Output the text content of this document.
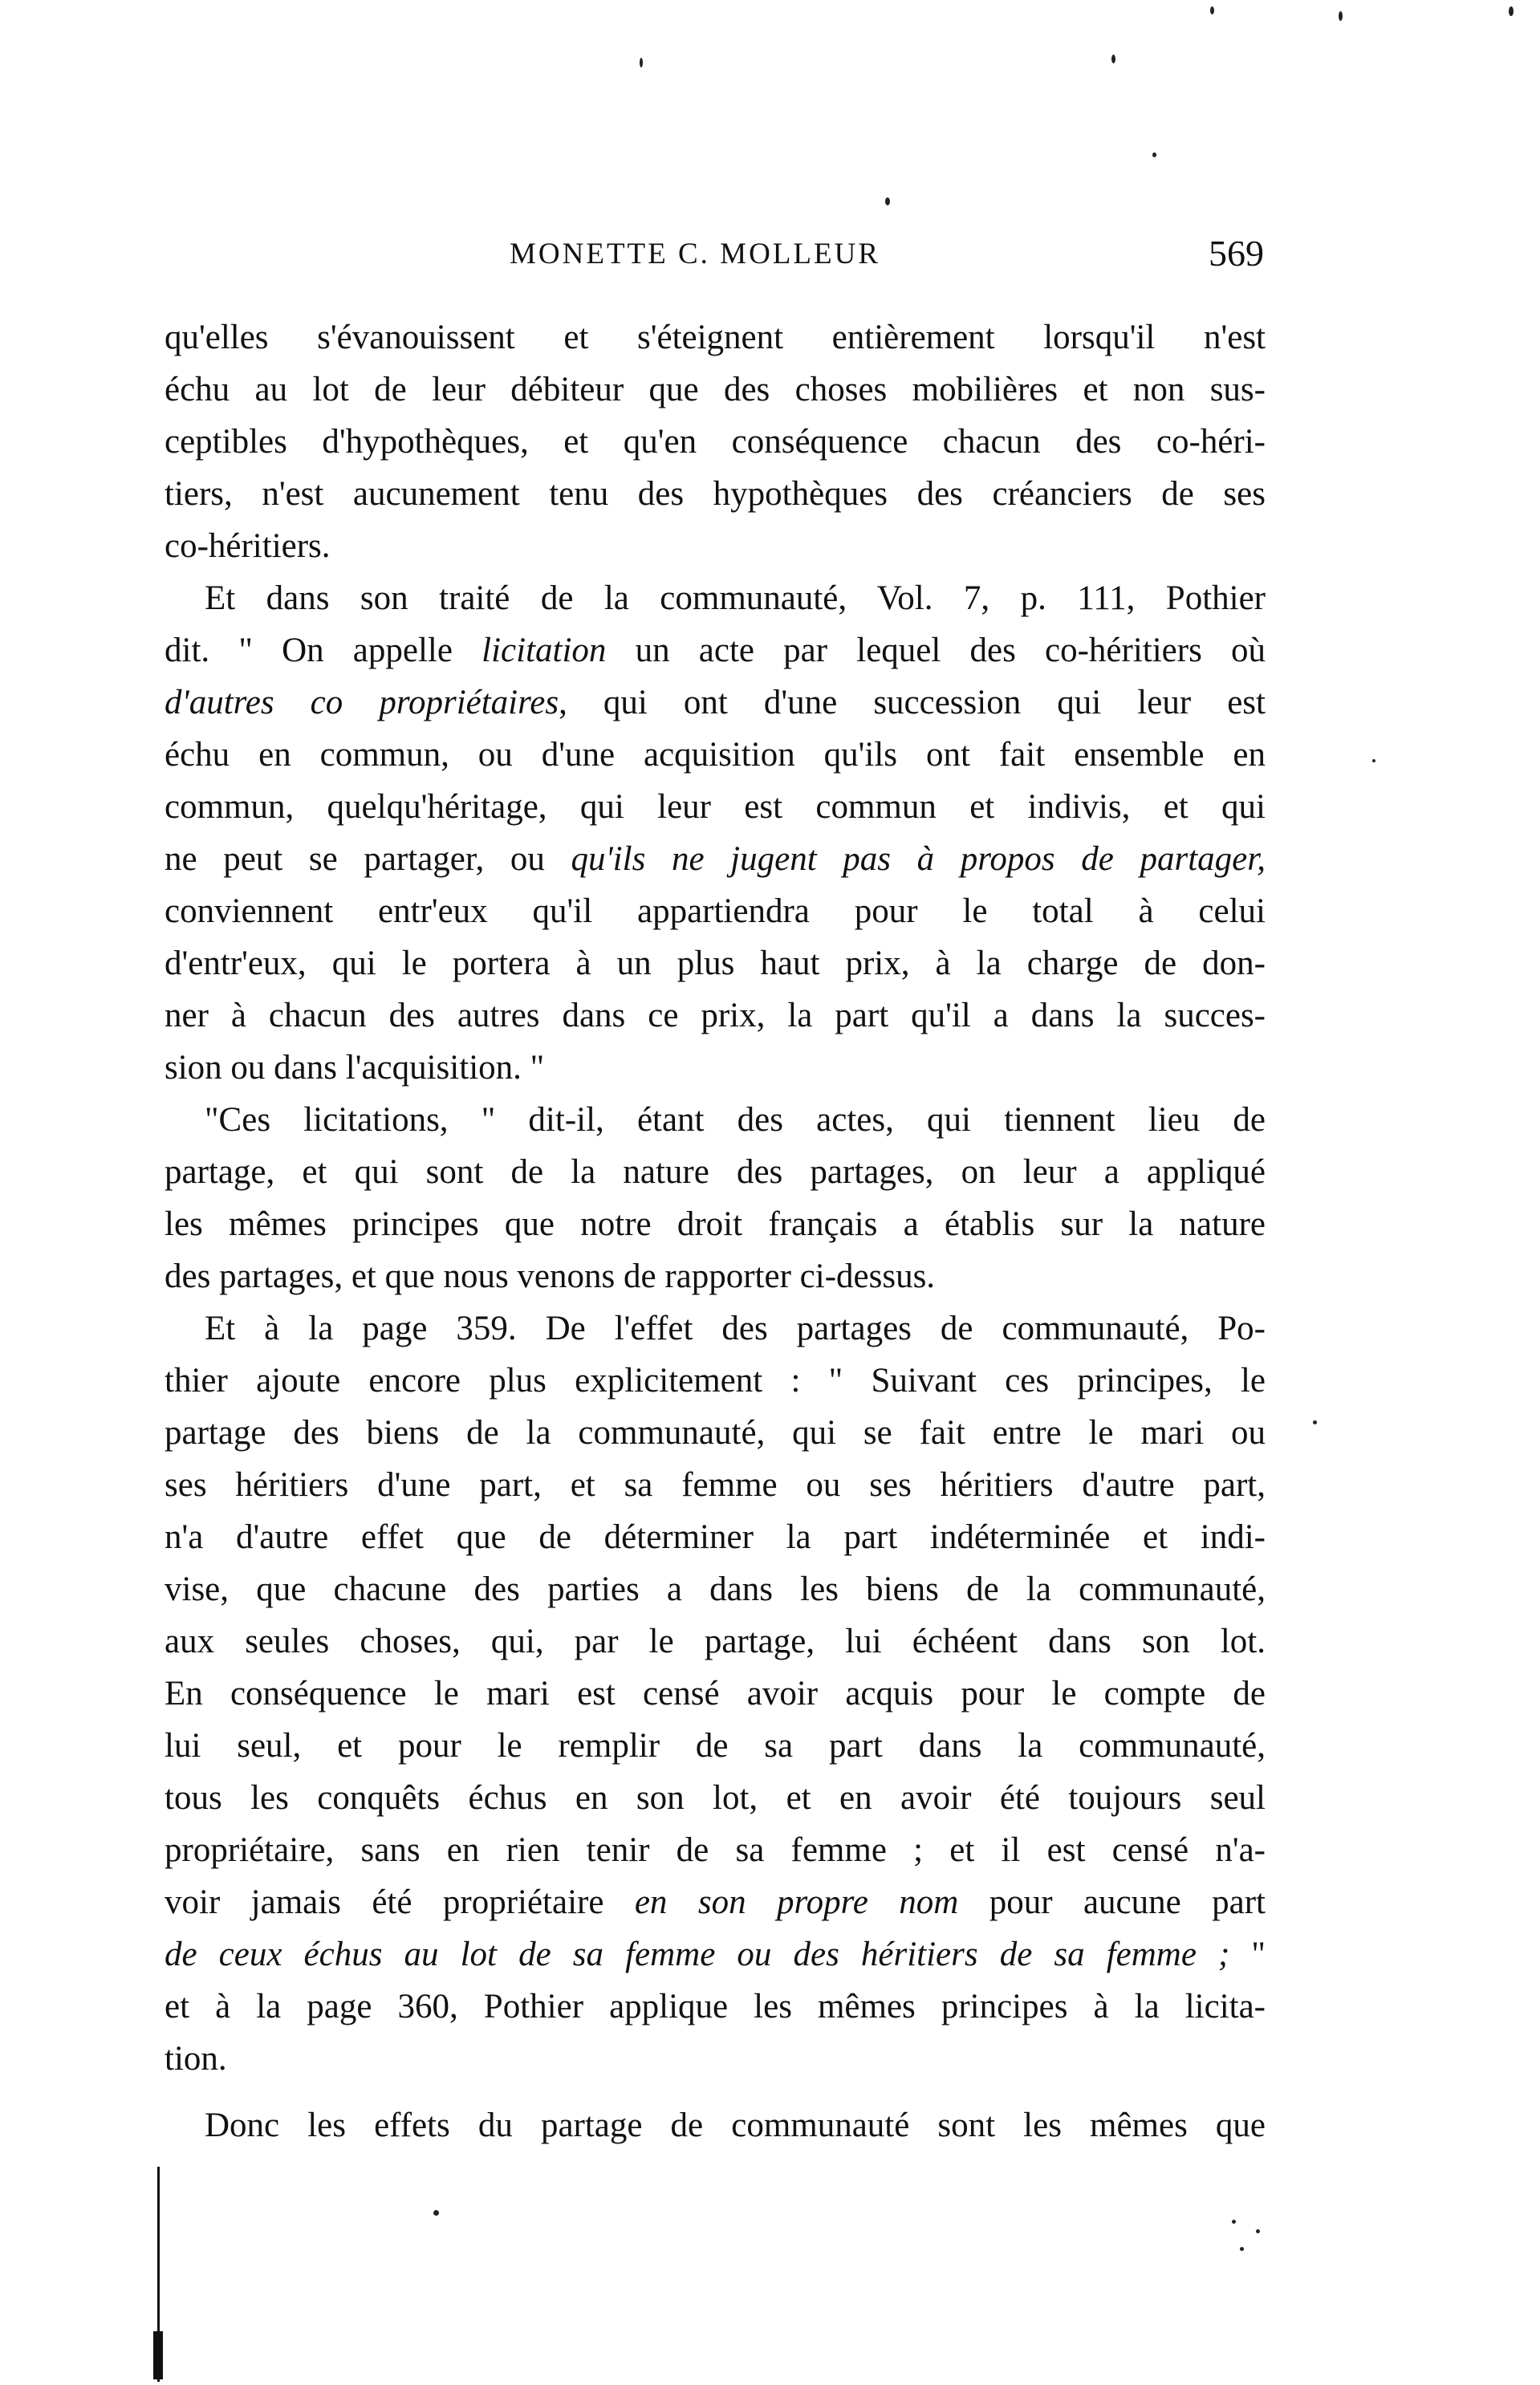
MONETTE C. MOLLEUR	569
qu'elles s'évanouissent et s'éteignent entièrement lorsqu'il n'est
échu au lot de leur débiteur que des choses mobilières et non sus-
ceptibles d'hypothèques, et qu'en conséquence chacun des co-héri-
tiers, n'est aucunement tenu des hypothèques des créanciers de ses
co-héritiers.
Et dans son traité de la communauté, Vol. 7, p. 111, Pothier
dit. " On appelle licitation un acte par lequel des co-héritiers où
d'autres co propriétaires, qui ont d'une succession qui leur est
échu en commun, ou d'une acquisition qu'ils ont fait ensemble en
commun, quelqu'héritage, qui leur est commun et indivis, et qui
ne peut se partager, ou qu'ils ne jugent pas à propos de partager,
conviennent entr'eux qu'il appartiendra pour le total à celui
d'entr'eux, qui le portera à un plus haut prix, à la charge de don-
ner à chacun des autres dans ce prix, la part qu'il a dans la succes-
sion ou dans l'acquisition. "
"Ces licitations, " dit-il, étant des actes, qui tiennent lieu de
partage, et qui sont de la nature des partages, on leur a appliqué
les mêmes principes que notre droit français a établis sur la nature
des partages, et que nous venons de rapporter ci-dessus.
Et à la page 359. De l'effet des partages de communauté, Po-
thier ajoute encore plus explicitement : " Suivant ces principes, le
partage des biens de la communauté, qui se fait entre le mari ou
ses héritiers d'une part, et sa femme ou ses héritiers d'autre part,
n'a d'autre effet que de déterminer la part indéterminée et indi-
vise, que chacune des parties a dans les biens de la communauté,
aux seules choses, qui, par le partage, lui échéent dans son lot.
En conséquence le mari est censé avoir acquis pour le compte de
lui seul, et pour le remplir de sa part dans la communauté,
tous les conquêts échus en son lot, et en avoir été toujours seul
propriétaire, sans en rien tenir de sa femme ; et il est censé n'a-
voir jamais été propriétaire en son propre nom pour aucune part
de ceux échus au lot de sa femme ou des héritiers de sa femme ; "
et à la page 360, Pothier applique les mêmes principes à la licita-
tion.
Donc les effets du partage de communauté sont les mêmes que
